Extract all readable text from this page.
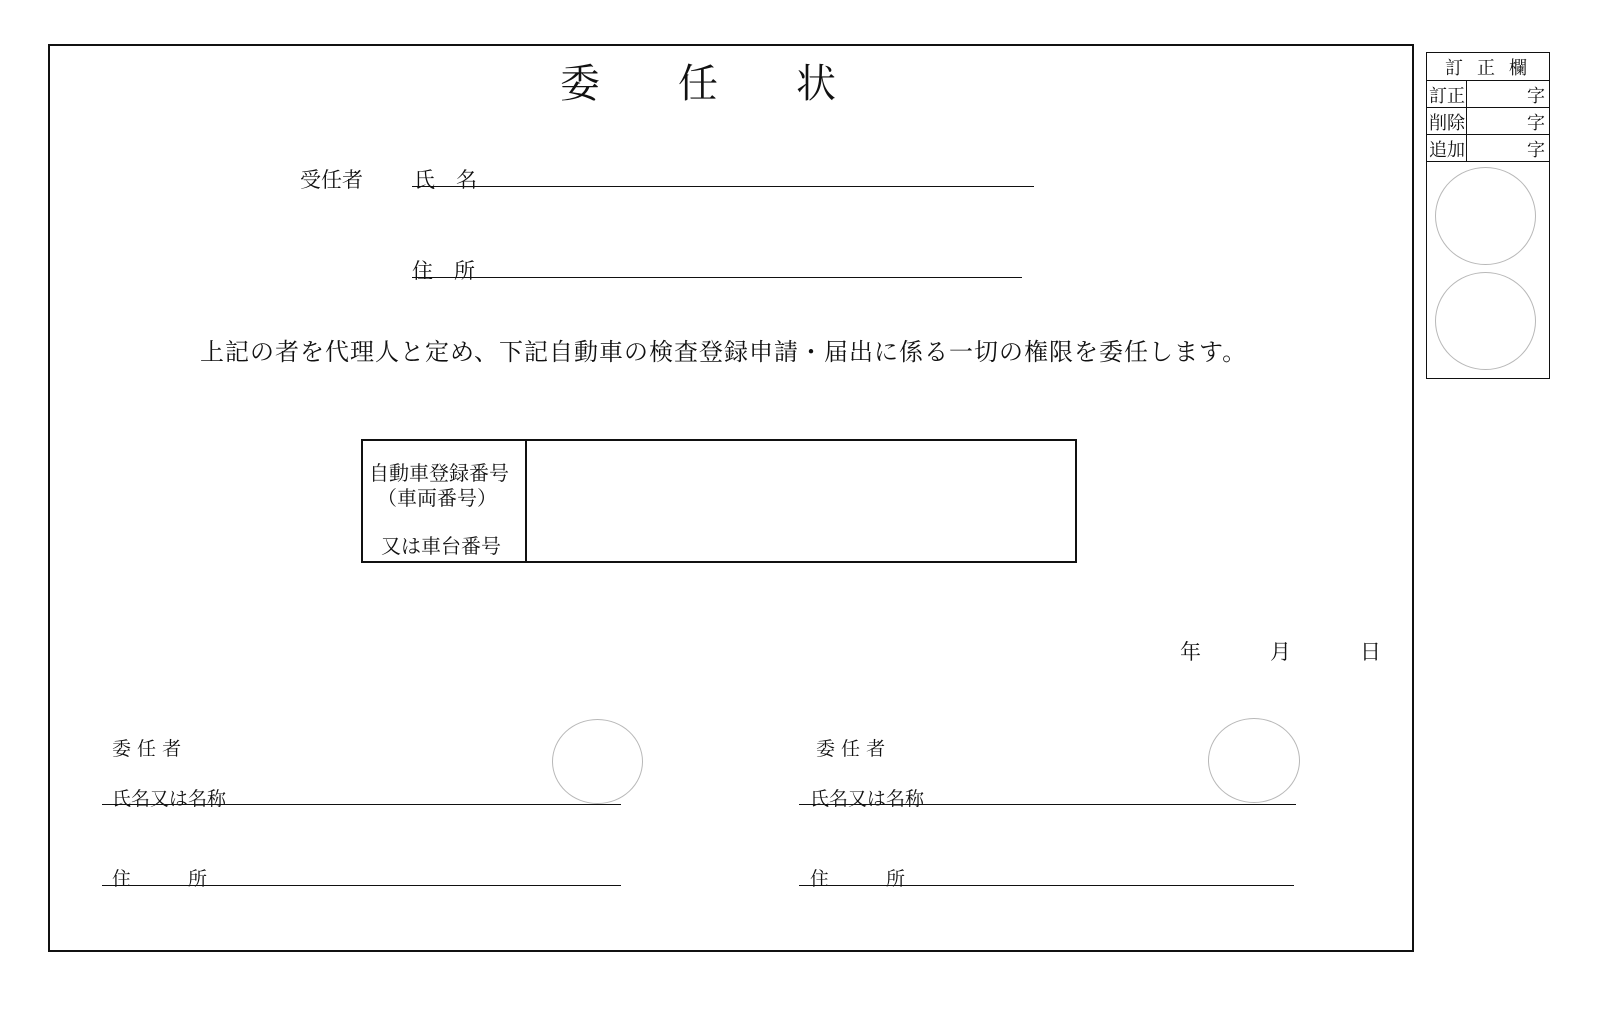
委任状
受任者 氏　名
住　所
上記の者を代理人と定め、下記自動車の検査登録申請・届出に係る一切の権限を委任します。
自動車登録番号
（車両番号）
又は車台番号
年	月	日
委 任 者
氏名又は名称
住　　　所
委 任 者
氏名又は名称
住　　　所
訂正欄
訂正	字
削除	字
追加	字
